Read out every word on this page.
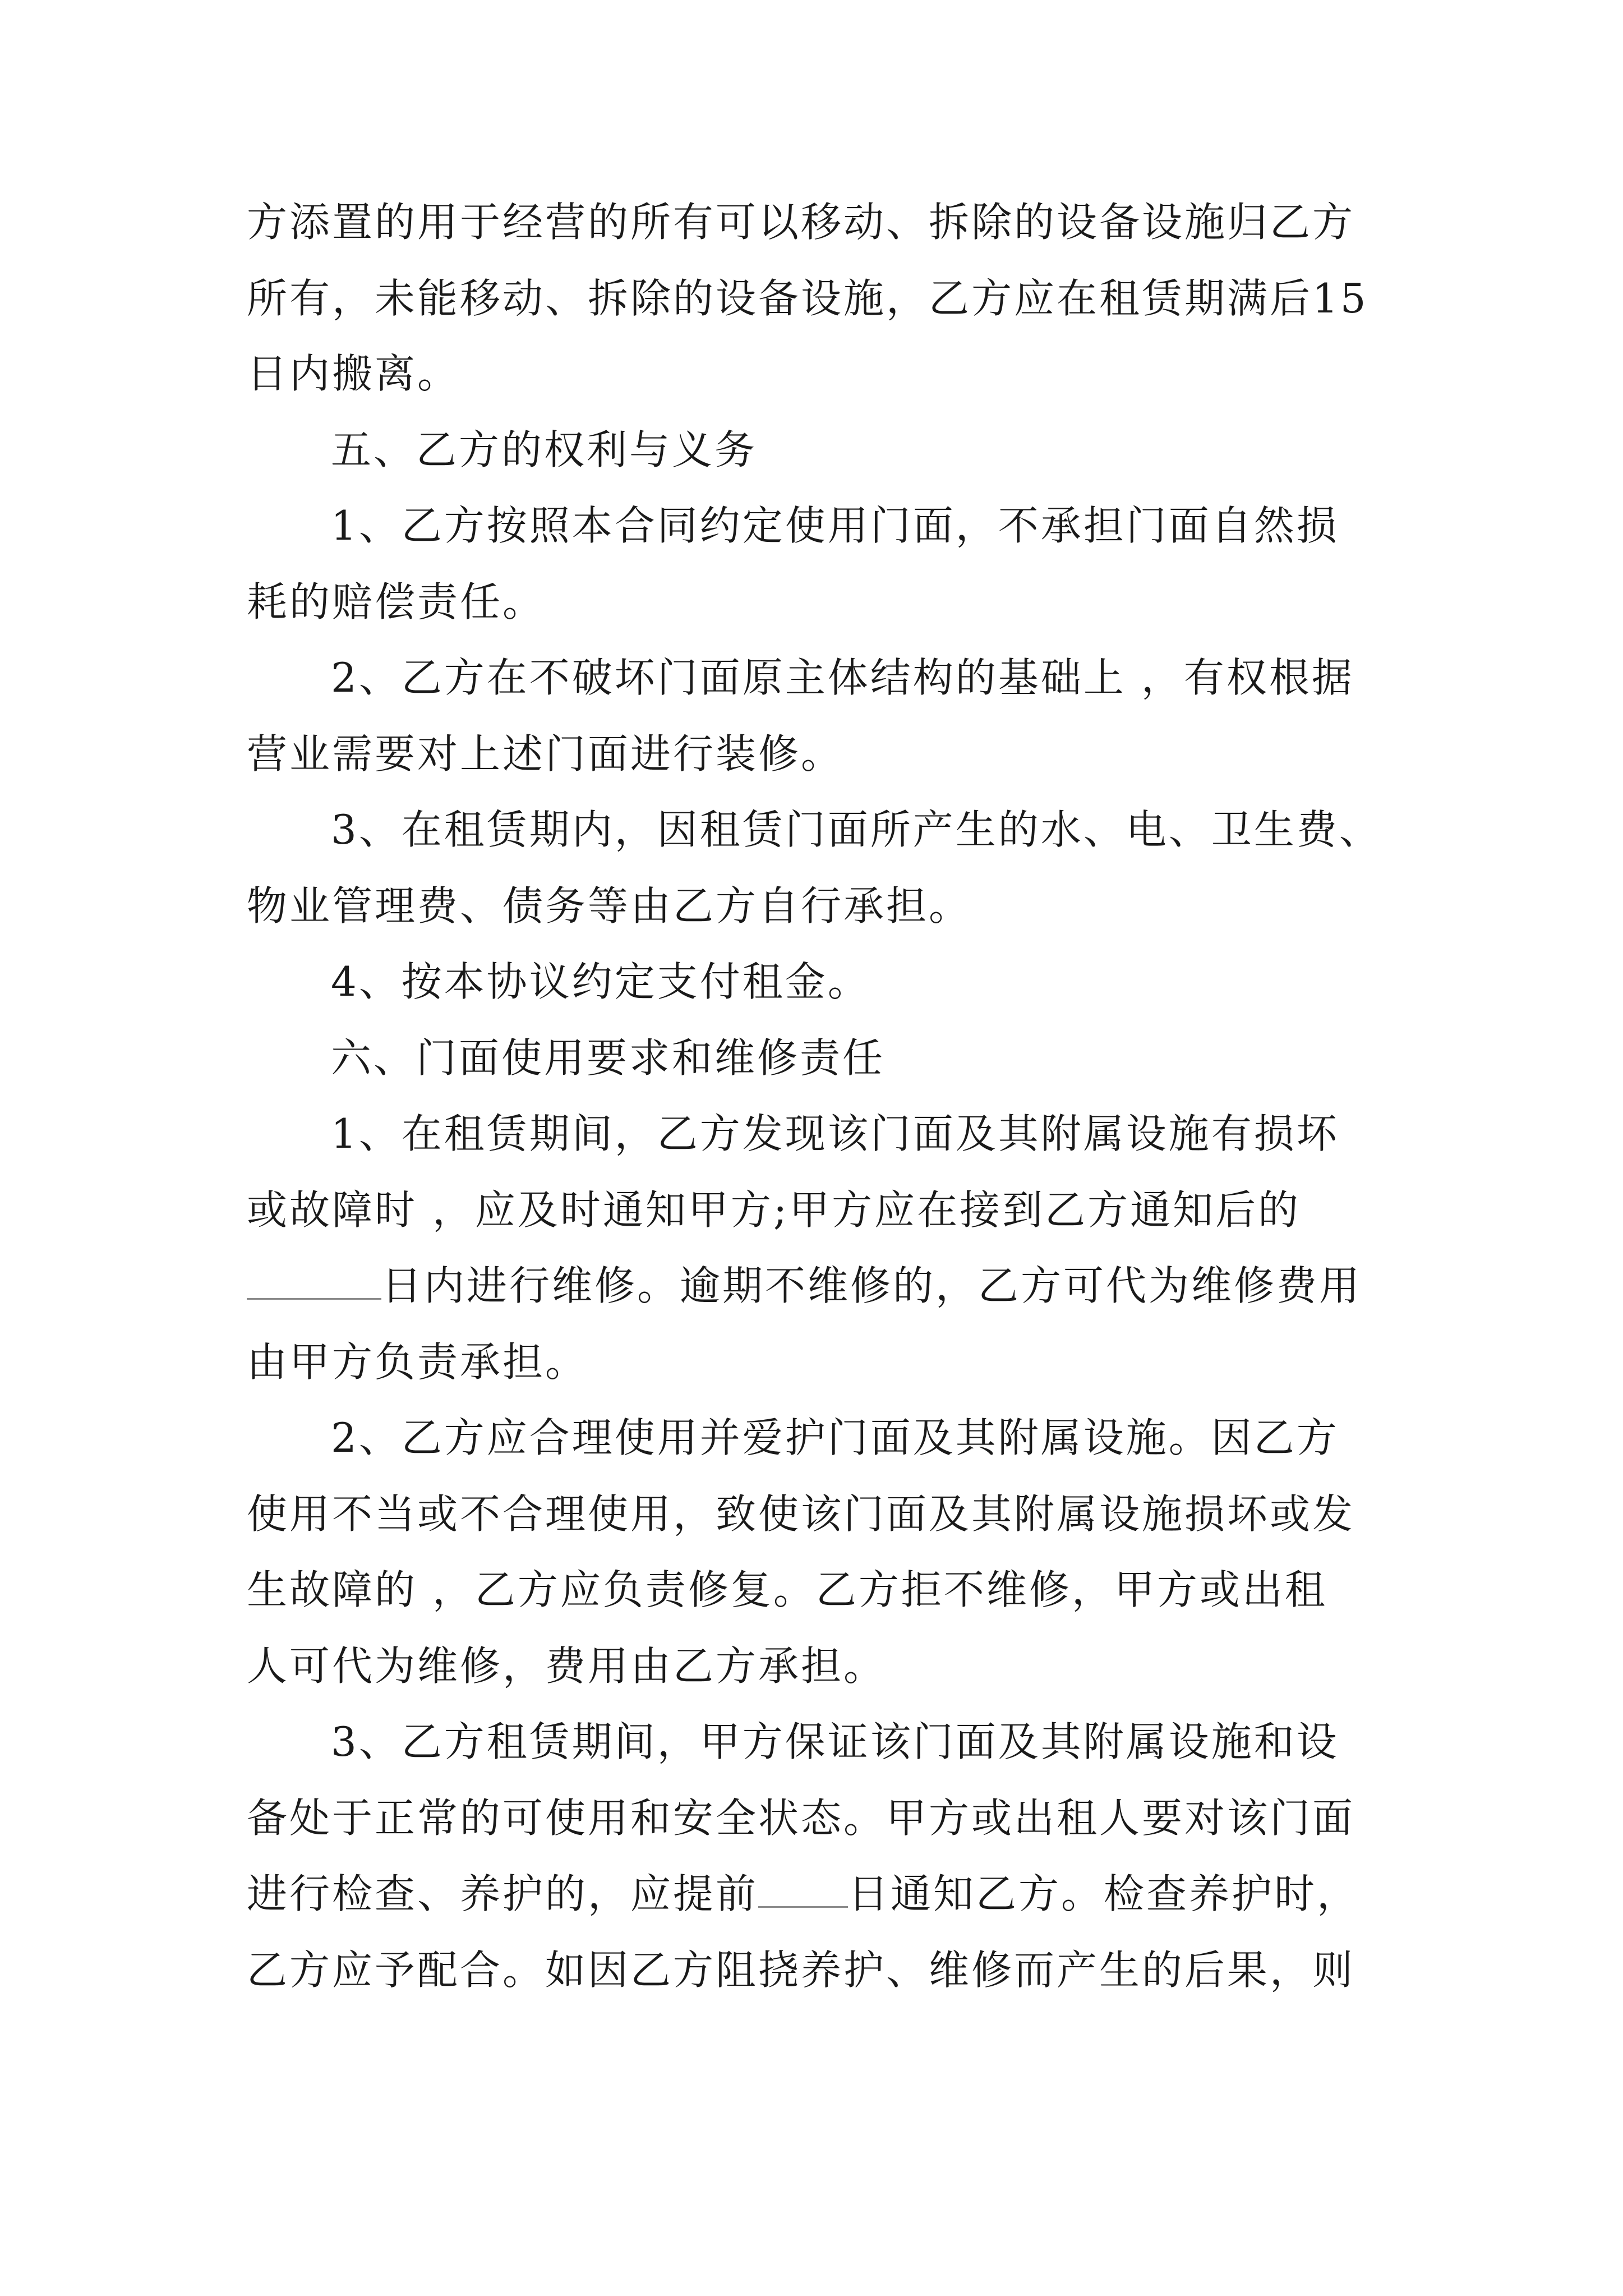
方添置的用于经营的所有可以移动、拆除的设备设施归乙方
所有，未能移动、拆除的设备设施，乙方应在租赁期满后15
日内搬离。
五、乙方的权利与义务
1、乙方按照本合同约定使用门面，不承担门面自然损
耗的赔偿责任。
2、乙方在不破坏门面原主体结构的基础上 ，有权根据
营业需要对上述门面进行装修。
3、在租赁期内，因租赁门面所产生的水、电、卫生费、
物业管理费、债务等由乙方自行承担。
4、按本协议约定支付租金。
六、门面使用要求和维修责任
1、在租赁期间，乙方发现该门面及其附属设施有损坏
或故障时 ，应及时通知甲方;甲方应在接到乙方通知后的
日内进行维修。逾期不维修的，乙方可代为维修费用
由甲方负责承担。
2、乙方应合理使用并爱护门面及其附属设施。因乙方
使用不当或不合理使用，致使该门面及其附属设施损坏或发
生故障的 ，乙方应负责修复。乙方拒不维修，甲方或出租
人可代为维修，费用由乙方承担。
3、乙方租赁期间，甲方保证该门面及其附属设施和设
备处于正常的可使用和安全状态。甲方或出租人要对该门面
进行检查、养护的，应提前 日通知乙方。检查养护时，
乙方应予配合。如因乙方阻挠养护、维修而产生的后果，则
